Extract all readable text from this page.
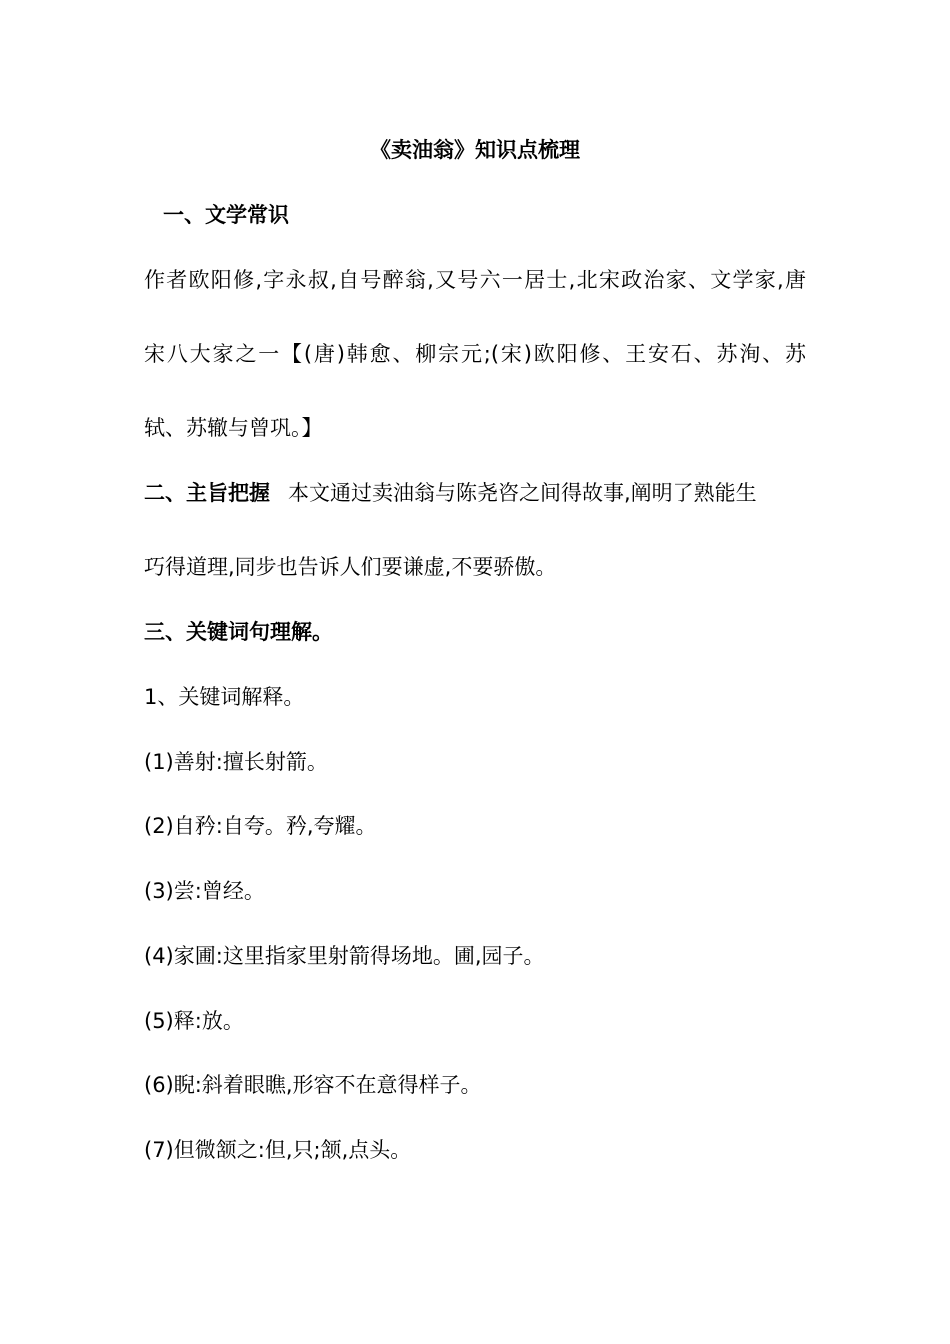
《卖油翁》知识点梳理
一、文学常识
作者欧阳修,字永叔,自号醉翁,又号六一居士,北宋政治家、文学家,唐
宋八大家之一【(唐)韩愈、柳宗元;(宋)欧阳修、王安石、苏洵、苏
轼、苏辙与曾巩。】
二、主旨把握 本文通过卖油翁与陈尧咨之间得故事,阐明了熟能生
巧得道理,同步也告诉人们要谦虚,不要骄傲。
三、关键词句理解。
1、关键词解释。
(1)善射:擅长射箭。
(2)自矜:自夸。矜,夸耀。
(3)尝:曾经。
(4)家圃:这里指家里射箭得场地。圃,园子。
(5)释:放。
(6)睨:斜着眼瞧,形容不在意得样子。
(7)但微颔之:但,只;颔,点头。
